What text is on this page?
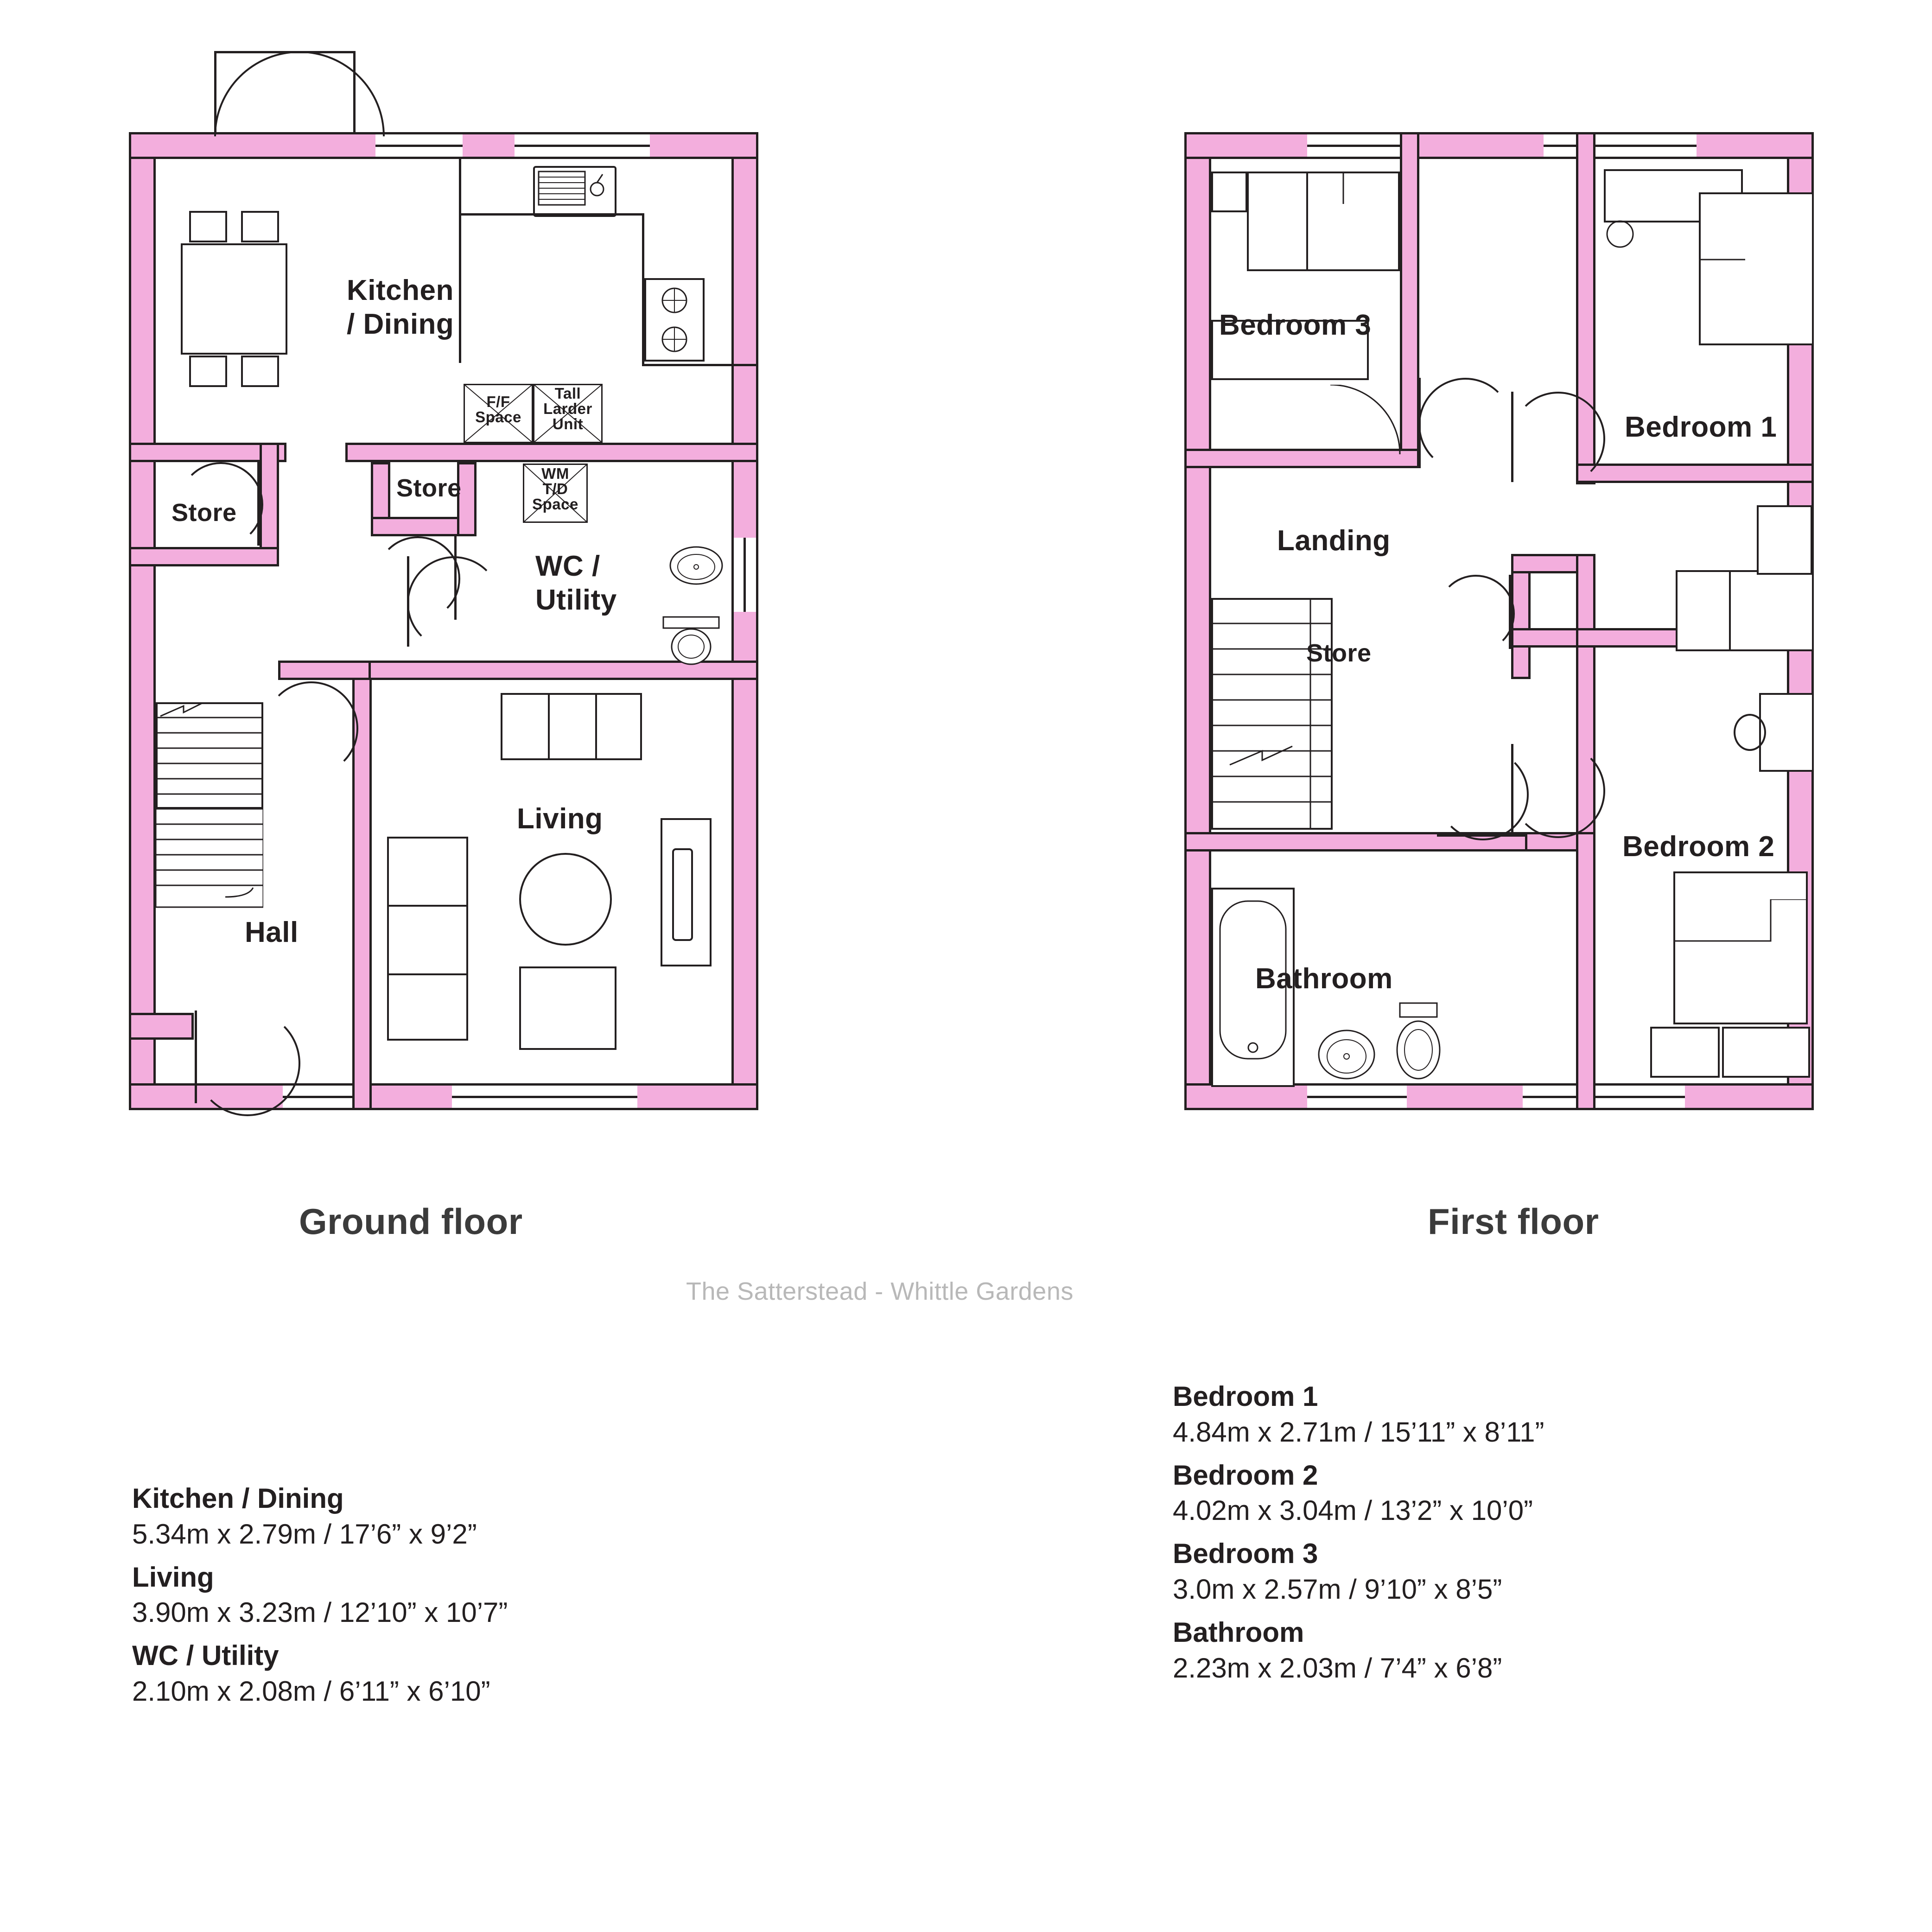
F/F
Space
Tall
Larder
Unit
WM
T/D
Space
Kitchen
/ Dining
Store
Store
WC /
Utility
Living
Hall
Ground floor
Bedroom 3
Bedroom 1
Bedroom 2
Landing
Store
Bathroom
First floor
The Satterstead - Whittle Gardens
Kitchen / Dining
5.34m x 2.79m / 17’6” x 9’2”
Living
3.90m x 3.23m / 12’10” x 10’7”
WC / Utility
2.10m x 2.08m / 6’11” x 6’10”
Bedroom 1
4.84m x 2.71m / 15’11” x 8’11”
Bedroom 2
4.02m x 3.04m / 13’2” x 10’0”
Bedroom 3
3.0m x 2.57m / 9’10” x 8’5”
Bathroom
2.23m x 2.03m / 7’4” x 6’8”
